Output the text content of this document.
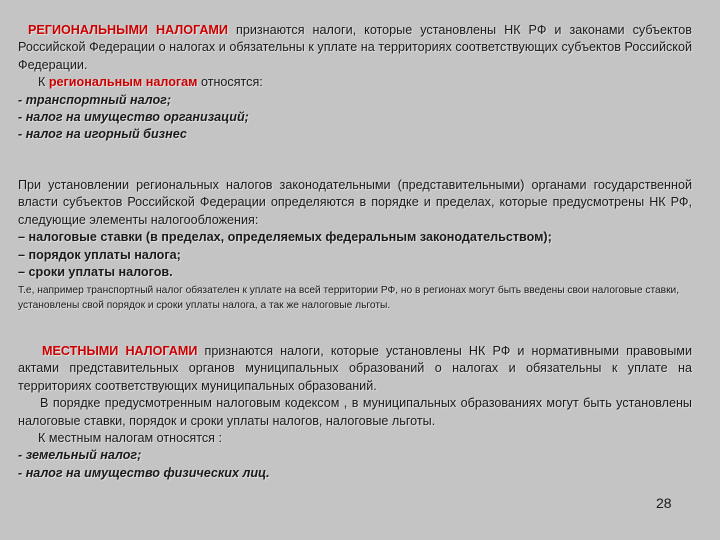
РЕГИОНАЛЬНЫМИ НАЛОГАМИ признаются налоги, которые установлены НК РФ и законами субъектов Российской Федерации о налогах и обязательны к уплате на территориях соответствующих субъектов Российской Федерации.

К региональным налогам относятся:

- транспортный налог;

- налог на имущество организаций;

- налог на игорный бизнес

При установлении региональных налогов законодательными (представительными) органами государственной власти субъектов Российской Федерации определяются в порядке и пределах, которые предусмотрены НК РФ, следующие элементы налогообложения:

– налоговые ставки (в пределах, определяемых федеральным законодательством);

– порядок уплаты налога;

– сроки уплаты налогов.

Т.е, например транспортный налог обязателен к уплате на всей территории РФ, но в регионах могут быть введены свои налоговые ставки, установлены свой порядок и сроки уплаты налога, а так же налоговые льготы.

МЕСТНЫМИ НАЛОГАМИ признаются налоги, которые установлены НК РФ и нормативными правовыми актами представительных органов муниципальных образований о налогах и обязательны к уплате на территориях соответствующих муниципальных образований.

В порядке предусмотренным налоговым кодексом , в муниципальных образованиях могут быть установлены налоговые ставки, порядок и сроки уплаты налогов, налоговые льготы.

К местным налогам относятся :

- земельный налог;

- налог на имущество физических лиц.

28
